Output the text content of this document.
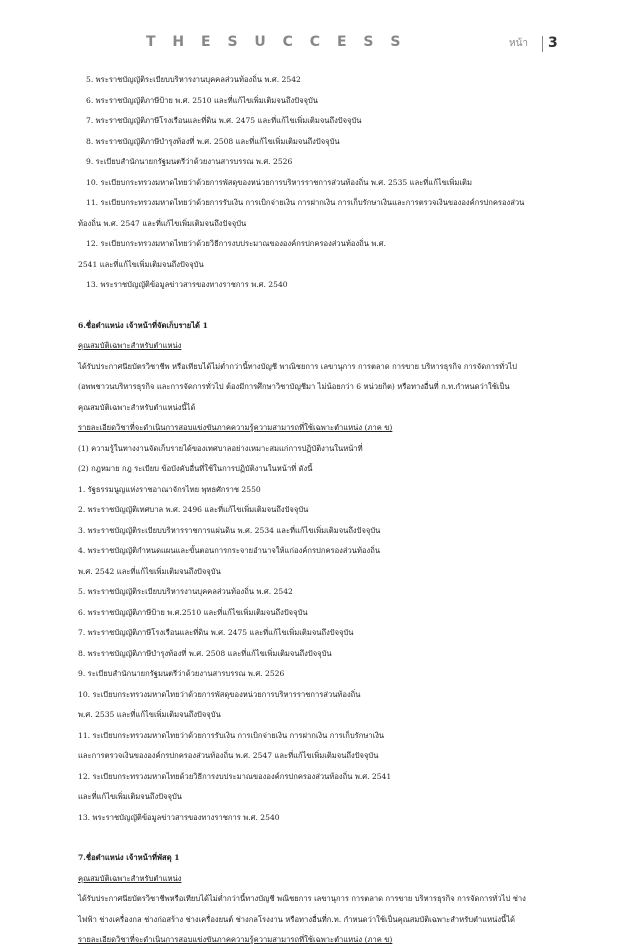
T H E S U C C E S S	หน้า 3
5. พระราชบัญญัติระเบียบบริหารงานบุคคลส่วนท้องถิ่น พ.ศ. 2542
6. พระราชบัญญัติภาษีป้าย พ.ศ. 2510 และที่แก้ไขเพิ่มเติมจนถึงปัจจุบัน
7. พระราชบัญญัติภาษีโรงเรือนและที่ดิน พ.ศ. 2475 และที่แก้ไขเพิ่มเติมจนถึงปัจจุบัน
8. พระราชบัญญัติภาษีบำรุงท้องที่ พ.ศ. 2508 และที่แก้ไขเพิ่มเติมจนถึงปัจจุบัน
9. ระเบียบสำนักนายกรัฐมนตรีว่าด้วยงานสารบรรณ พ.ศ. 2526
10. ระเบียบกระทรวงมหาดไทยว่าด้วยการพัสดุของหน่วยการบริหารราชการส่วนท้องถิ่น พ.ศ. 2535 และที่แก้ไขเพิ่มเติม
11. ระเบียบกระทรวงมหาดไทยว่าด้วยการรับเงิน การเบิกจ่ายเงิน การฝากเงิน การเก็บรักษาเงินและการตรวจเงินขององค์กรปกครองส่วน
ท้องถิ่น พ.ศ. 2547 และที่แก้ไขเพิ่มเติมจนถึงปัจจุบัน
12. ระเบียบกระทรวงมหาดไทยว่าด้วยวิธีการงบประมาณขององค์กรปกครองส่วนท้องถิ่น พ.ศ.
2541 และที่แก้ไขเพิ่มเติมจนถึงปัจจุบัน
13. พระราชบัญญัติข้อมูลข่าวสารของทางราชการ พ.ศ. 2540
6.ชื่อตำแหน่ง เจ้าหน้าที่จัดเก็บรายได้ 1
คุณสมบัติเฉพาะสำหรับตำแหน่ง
ได้รับประกาศนียบัตรวิชาชีพ หรือเทียบได้ไม่ต่ำกว่านี้ทางบัญชี พาณิชยการ เลขานุการ การตลาด การขาย บริหารธุรกิจ การจัดการทั่วไป
(อพพชาวนบริหารธุรกิจ และการจัดการทั่วไป ต้องมีการศึกษาวิชาบัญชีมา ไม่น้อยกว่า 6 หน่วยกิต) หรือทางอื่นที่ ก.ท.กำหนดว่าใช้เป็น
คุณสมบัติเฉพาะสำหรับตำแหน่งนี้ได้
รายละเอียดวิชาที่จะดำเนินการสอบแข่งขันภาคความรู้ความสามารถที่ใช้เฉพาะตำแหน่ง (ภาค ข)
(1) ความรู้ในทางงานจัดเก็บรายได้ของเทศบาลอย่างเหมาะสมแก่การปฏิบัติงานในหน้าที่
(2) กฎหมาย กฎ ระเบียบ ข้อบังคับอื่นที่ใช้ในการปฏิบัติงานในหน้าที่ ดังนี้
1. รัฐธรรมนูญแห่งราชอาณาจักรไทย พุทธศักราช 2550
2. พระราชบัญญัติเทศบาล พ.ศ. 2496 และที่แก้ไขเพิ่มเติมจนถึงปัจจุบัน
3. พระราชบัญญัติระเบียบบริหารราชการแผ่นดิน พ.ศ. 2534 และที่แก้ไขเพิ่มเติมจนถึงปัจจุบัน
4. พระราชบัญญัติกำหนดแผนและขั้นตอนการกระจายอำนาจให้แก่องค์กรปกครองส่วนท้องถิ่น
พ.ศ. 2542 และที่แก้ไขเพิ่มเติมจนถึงปัจจุบัน
5. พระราชบัญญัติระเบียบบริหารงานบุคคลส่วนท้องถิ่น พ.ศ. 2542
6. พระราชบัญญัติภาษีป้าย พ.ศ.2510 และที่แก้ไขเพิ่มเติมจนถึงปัจจุบัน
7. พระราชบัญญัติภาษีโรงเรือนและที่ดิน พ.ศ. 2475 และที่แก้ไขเพิ่มเติมจนถึงปัจจุบัน
8. พระราชบัญญัติภาษีบำรุงท้องที่ พ.ศ. 2508 และที่แก้ไขเพิ่มเติมจนถึงปัจจุบัน
9. ระเบียบสำนักนายกรัฐมนตรีว่าด้วยงานสารบรรณ พ.ศ. 2526
10. ระเบียบกระทรวงมหาดไทยว่าด้วยการพัสดุของหน่วยการบริหารราชการส่วนท้องถิ่น
พ.ศ. 2535 และที่แก้ไขเพิ่มเติมจนถึงปัจจุบัน
11. ระเบียบกระทรวงมหาดไทยว่าด้วยการรับเงิน การเบิกจ่ายเงิน การฝากเงิน การเก็บรักษาเงิน
และการตรวจเงินขององค์กรปกครองส่วนท้องถิ่น พ.ศ. 2547 และที่แก้ไขเพิ่มเติมจนถึงปัจจุบัน
12. ระเบียบกระทรวงมหาดไทยด้วยวิธีการงบประมาณขององค์กรปกครองส่วนท้องถิ่น พ.ศ. 2541
และที่แก้ไขเพิ่มเติมจนถึงปัจจุบัน
13. พระราชบัญญัติข้อมูลข่าวสารของทางราชการ พ.ศ. 2540
7.ชื่อตำแหน่ง เจ้าหน้าที่พัสดุ 1
คุณสมบัติเฉพาะสำหรับตำแหน่ง
ได้รับประกาศนียบัตรวิชาชีพหรือเทียบได้ไม่ต่ำกว่านี้ทางบัญชี พณิชยการ เลขานุการ การตลาด การขาย บริหารธุรกิจ การจัดการทั่วไป ช่าง
ไฟฟ้า ช่างเครื่องกล ช่างก่อสร้าง ช่างเครื่องยนต์ ช่างกลโรงงาน หรือทางอื่นที่ก.ท. กำหนดว่าใช้เป็นคุณสมบัติเฉพาะสำหรับตำแหน่งนี้ได้
รายละเอียดวิชาที่จะดำเนินการสอบแข่งขันภาคความรู้ความสามารถที่ใช้เฉพาะตำแหน่ง (ภาค ข)
